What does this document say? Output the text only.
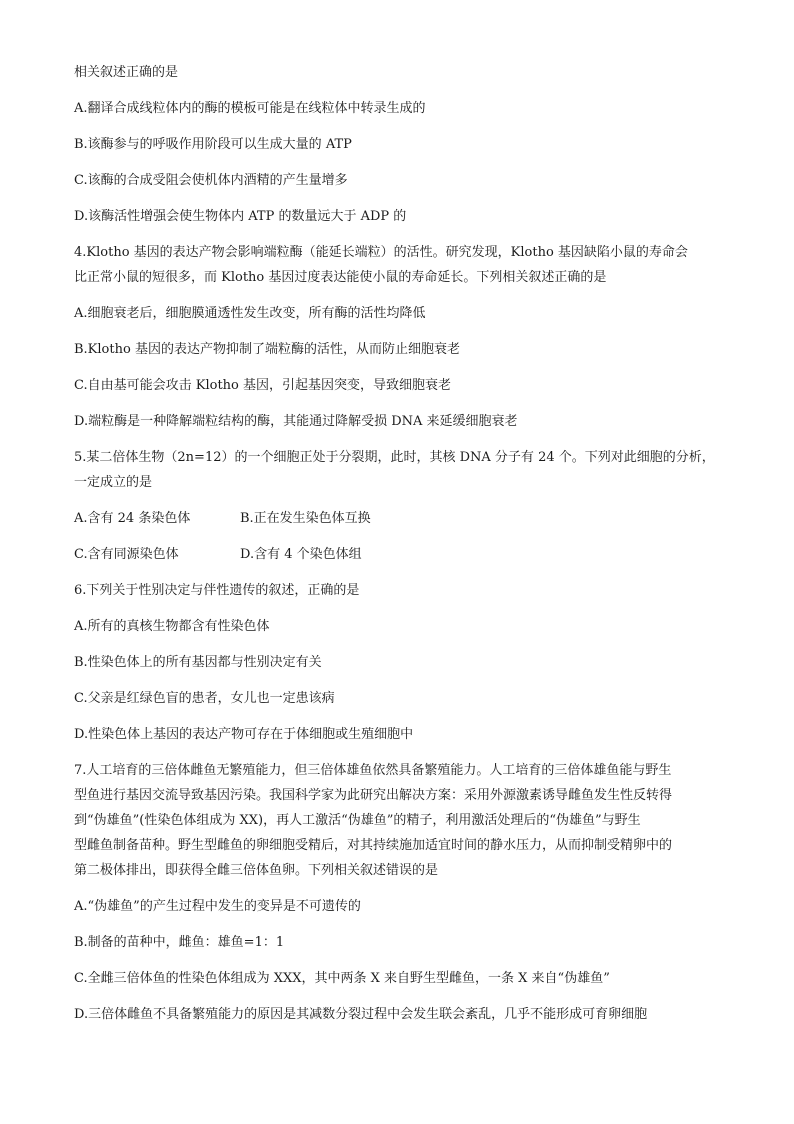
相关叙述正确的是
A.翻译合成线粒体内的酶的模板可能是在线粒体中转录生成的
B.该酶参与的呼吸作用阶段可以生成大量的 ATP
C.该酶的合成受阻会使机体内酒精的产生量增多
D.该酶活性增强会使生物体内 ATP 的数量远大于 ADP 的
4.Klotho 基因的表达产物会影响端粒酶（能延长端粒）的活性。研究发现，Klotho 基因缺陷小鼠的寿命会
比正常小鼠的短很多，而 Klotho 基因过度表达能使小鼠的寿命延长。下列相关叙述正确的是
A.细胞衰老后，细胞膜通透性发生改变，所有酶的活性均降低
B.Klotho 基因的表达产物抑制了端粒酶的活性，从而防止细胞衰老
C.自由基可能会攻击 Klotho 基因，引起基因突变，导致细胞衰老
D.端粒酶是一种降解端粒结构的酶，其能通过降解受损 DNA 来延缓细胞衰老
5.某二倍体生物（2n=12）的一个细胞正处于分裂期，此时，其核 DNA 分子有 24 个。下列对此细胞的分析，
一定成立的是
A.含有 24 条染色体	B.正在发生染色体互换
C.含有同源染色体	D.含有 4 个染色体组
6.下列关于性别决定与伴性遗传的叙述，正确的是
A.所有的真核生物都含有性染色体
B.性染色体上的所有基因都与性别决定有关
C.父亲是红绿色盲的患者，女儿也一定患该病
D.性染色体上基因的表达产物可存在于体细胞或生殖细胞中
7.人工培育的三倍体雌鱼无繁殖能力，但三倍体雄鱼依然具备繁殖能力。人工培育的三倍体雄鱼能与野生
型鱼进行基因交流导致基因污染。我国科学家为此研究出解决方案：采用外源激素诱导雌鱼发生性反转得
到“伪雄鱼”(性染色体组成为 XX)，再人工激活“伪雄鱼”的精子，利用激活处理后的“伪雄鱼”与野生
型雌鱼制备苗种。野生型雌鱼的卵细胞受精后，对其持续施加适宜时间的静水压力，从而抑制受精卵中的
第二极体排出，即获得全雌三倍体鱼卵。下列相关叙述错误的是
A.“伪雄鱼”的产生过程中发生的变异是不可遗传的
B.制备的苗种中，雌鱼：雄鱼=1：1
C.全雌三倍体鱼的性染色体组成为 XXX，其中两条 X 来自野生型雌鱼，一条 X 来自“伪雄鱼”
D.三倍体雌鱼不具备繁殖能力的原因是其减数分裂过程中会发生联会紊乱，几乎不能形成可育卵细胞
